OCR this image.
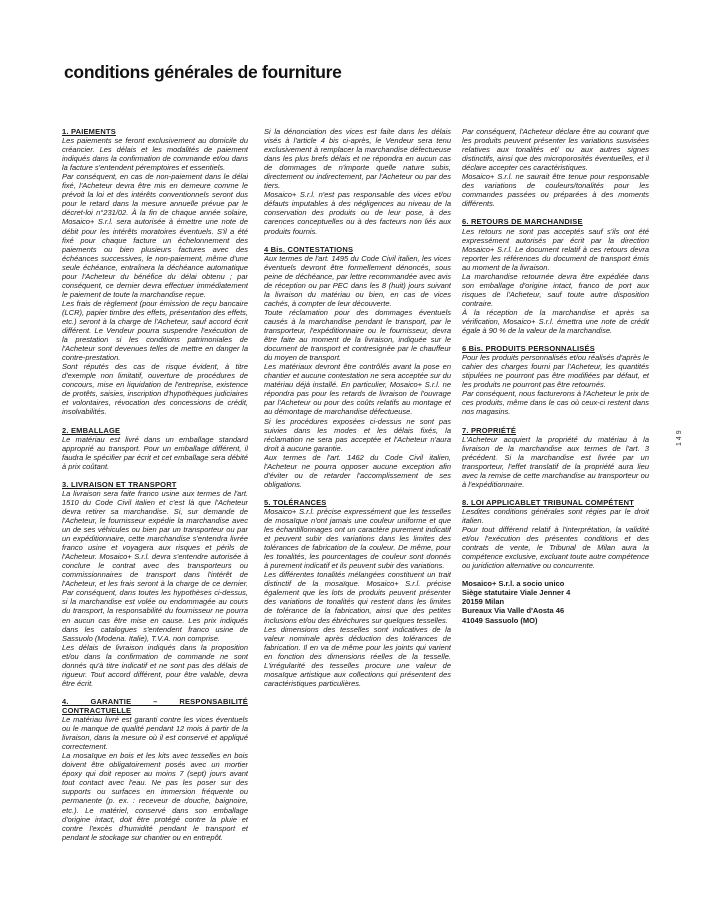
conditions générales de fourniture
1. PAIEMENTS
Les paiements se feront exclusivement au domicile du créancier. Les délais et les modalités de paiement indiqués dans la confirmation de commande et/ou dans la facture s'entendent péremptoires et essentiels.
Par conséquent, en cas de non-paiement dans le délai fixé, l'Acheteur devra être mis en demeure comme le prévoit la loi et des intérêts conventionnels seront dus pour le retard dans la mesure annuelle prévue par le décret-loi n°231/02. À la fin de chaque année solaire, Mosaico+ S.r.l. sera autorisée à émettre une note de débit pour les intérêts moratoires éventuels. S'il a été fixé pour chaque facture un échelonnement des paiements ou bien plusieurs factures avec des échéances successives, le non-paiement, même d'une seule échéance, entraînera la déchéance automatique pour l'Acheteur du bénéfice du délai obtenu ; par conséquent, ce dernier devra effectuer immédiatement le paiement de toute la marchandise reçue.
Les frais de règlement (pour émission de reçu bancaire (LCR), papier timbre des effets, présentation des effets, etc.) seront à la charge de l'Acheteur, sauf accord écrit différent. Le Vendeur pourra suspendre l'exécution de la prestation si les conditions patrimoniales de l'Acheteur sont devenues telles de mettre en danger la contre-prestation.
Sont réputés des cas de risque évident, à titre d'exemple non limitatif, ouverture de procédures de concours, mise en liquidation de l'entreprise, existence de protêts, saisies, inscription d'hypothèques judiciaires et volontaires, révocation des concessions de crédit, insolvabilités.
2. EMBALLAGE
Le matériau est livré dans un emballage standard approprié au transport. Pour un emballage différent, il faudra le spécifier par écrit et cet emballage sera débité à prix coûtant.
3. LIVRAISON ET TRANSPORT
La livraison sera faite franco usine aux termes de l'art. 1510 du Code Civil italien et c'est là que l'Acheteur devra retirer sa marchandise. Si, sur demande de l'Acheteur, le fournisseur expédie la marchandise avec un de ses véhicules ou bien par un transporteur ou par un expéditionnaire, cette marchandise s'entendra livrée franco usine et voyagera aux risques et périls de l'Acheteur. Mosaico+ S.r.l. devra s'entendre autorisée à conclure le contrat avec des transporteurs ou commissionnaires de transport dans l'intérêt de l'Acheteur, et les frais seront à la charge de ce dernier. Par conséquent, dans toutes les hypothèses ci-dessus, si la marchandise est volée ou endommagée au cours du transport, la responsabilité du fournisseur ne pourra en aucun cas être mise en cause. Les prix indiqués dans les catalogues s'entendent franco usine de Sassuolo (Modena. Italie), T.V.A. non comprise.
Les délais de livraison indiqués dans la proposition et/ou dans la confirmation de commande ne sont donnés qu'à titre indicatif et ne sont pas des délais de rigueur. Tout accord différent, pour être valable, devra être écrit.
4. GARANTIE – RESPONSABILITÉ CONTRACTUELLE
Le matériau livré est garanti contre les vices éventuels ou le manque de qualité pendant 12 mois à partir de la livraison, dans la mesure où il est conservé et appliqué correctement.
La mosaïque en bois et les kits avec tesselles en bois doivent être obligatoirement posés avec un mortier époxy qui doit reposer au moins 7 (sept) jours avant tout contact avec l'eau. Ne pas les poser sur des supports ou surfaces en immersion fréquente ou permanente (p. ex. : receveur de douche, baignoire, etc.). Le matériel, conservé dans son emballage d'origine intact, doit être protégé contre la pluie et contre l'excès d'humidité pendant le transport et pendant le stockage sur chantier ou en entrepôt.
Si la dénonciation des vices est faite dans les délais visés à l'article 4 bis ci-après, le Vendeur sera tenu exclusivement à remplacer la marchandise défectueuse dans les plus brefs délais et ne répondra en aucun cas de dommages de n'importe quelle nature subis, directement ou indirectement, par l'Acheteur ou par des tiers.
Mosaico+ S.r.l. n'est pas responsable des vices et/ou défauts imputables à des négligences au niveau de la conservation des produits ou de leur pose, à des carences conceptuelles ou à des facteurs non liés aux produits fournis.
4 Bis. CONTESTATIONS
Aux termes de l'art. 1495 du Code Civil italien, les vices éventuels devront être formellement dénoncés, sous peine de déchéance, par lettre recommandée avec avis de réception ou par PEC dans les 8 (huit) jours suivant la livraison du matériau ou bien, en cas de vices cachés, à compter de leur découverte.
Toute réclamation pour des dommages éventuels causés à la marchandise pendant le transport, par le transporteur, l'expéditionnaire ou le fournisseur, devra être faite au moment de la livraison, indiquée sur le document de transport et contresignée par le chauffeur du moyen de transport.
Les matériaux devront être contrôlés avant la pose en chantier et aucune contestation ne sera acceptée sur du matériau déjà installé. En particulier, Mosaico+ S.r.l. ne répondra pas pour les retards de livraison de l'ouvrage par l'Acheteur ou pour des coûts relatifs au montage et au démontage de marchandise défectueuse.
Si les procédures exposées ci-dessus ne sont pas suivies dans les modes et les délais fixés, la réclamation ne sera pas acceptée et l'Acheteur n'aura droit à aucune garantie.
Aux termes de l'art. 1462 du Code Civil italien, l'Acheteur ne pourra opposer aucune exception afin d'éviter ou de retarder l'accomplissement de ses obligations.
5. TOLÉRANCES
Mosaico+ S.r.l. précise expressément que les tesselles de mosaïque n'ont jamais une couleur uniforme et que les échantillonnages ont un caractère purement indicatif et peuvent subir des variations dans les limites des tolérances de fabrication de la couleur. De même, pour les tonalités, les pourcentages de couleur sont donnés à purement indicatif et ils peuvent subir des variations.
Les différentes tonalités mélangées constituent un trait distinctif de la mosaïque. Mosaico+ S.r.l. précise également que les lots de produits peuvent présenter des variations de tonalités qui restent dans les limites de tolérance de la fabrication, ainsi que des petites inclusions et/ou des ébréchures sur quelques tesselles.
Les dimensions des tesselles sont indicatives de la valeur nominale après déduction des tolérances de fabrication. Il en va de même pour les joints qui varient en fonction des dimensions réelles de la tesselle. L'irrégularité des tesselles procure une valeur de mosaïque artistique aux collections qui présentent des caractéristiques particulières.
Par conséquent, l'Acheteur déclare être au courant que les produits peuvent présenter les variations susvisées relatives aux tonalités et/ ou aux autres signes distinctifs, ainsi que des microporosités éventuelles, et il déclare accepter ces caractéristiques.
Mosaico+ S.r.l. ne saurait être tenue pour responsable des variations de couleurs/tonalités pour les commandes passées ou préparées à des moments différents.
6. RETOURS DE MARCHANDISE
Les retours ne sont pas acceptés sauf s'ils ont été expressément autorisés par écrit par la direction Mosaico+ S.r.l. Le document relatif à ces retours devra reporter les références du document de transport émis au moment de la livraison.
La marchandise retournée devra être expédiée dans son emballage d'origine intact, franco de port aux risques de l'Acheteur, sauf toute autre disposition contraire.
À la réception de la marchandise et après sa vérification, Mosaico+ S.r.l. émettra une note de crédit égale à 90 % de la valeur de la marchandise.
6 Bis. PRODUITS PERSONNALISÉS
Pour les produits personnalisés et/ou réalisés d'après le cahier des charges fourni par l'Acheteur, les quantités stipulées ne pourront pas être modifiées par défaut, et les produits ne pourront pas être retournés.
Par conséquent, nous facturerons à l'Acheteur le prix de ces produits, même dans le cas où ceux-ci restent dans nos magasins.
7. PROPRIÉTÉ
L'Acheteur acquiert la propriété du matériau à la livraison de la marchandise aux termes de l'art. 3 précédent. Si la marchandise est livrée par un transporteur, l'effet translatif de la propriété aura lieu avec la remise de cette marchandise au transporteur ou à l'expéditionnaire.
8. LOI APPLICABLET TRIBUNAL COMPÉTENT
Lesdites conditions générales sont régies par le droit italien.
Pour tout différend relatif à l'interprétation, la validité et/ou l'exécution des présentes conditions et des contrats de vente, le Tribunal de Milan aura la compétence exclusive, excluant toute autre compétence ou juridiction alternative ou concurrente.
Mosaico+ S.r.l. a socio unico
Siège statutaire Viale Jenner 4
20159 Milan
Bureaux Via Valle d'Aosta 46
41049 Sassuolo (MO)
149
